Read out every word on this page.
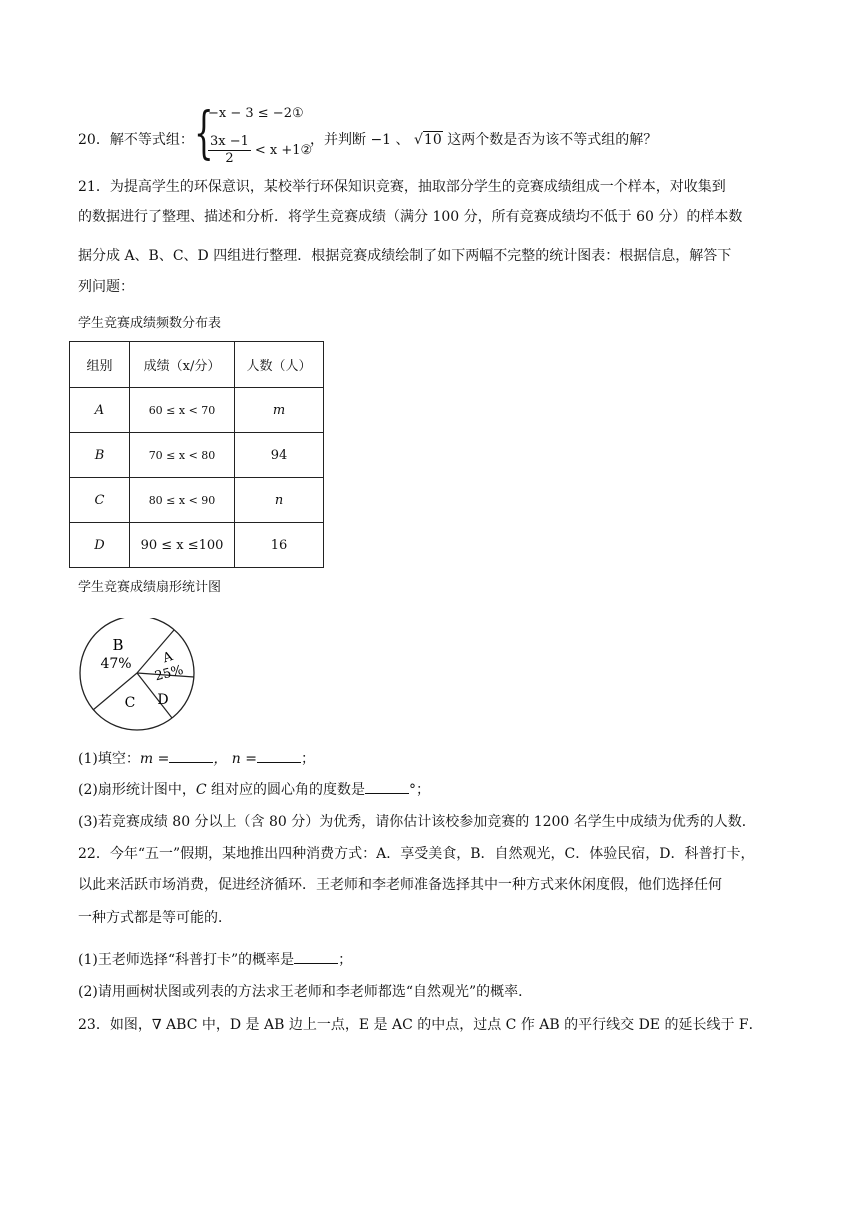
20．解不等式组： {
−x − 3 ≤ −2①
$\frac{3x -1}{2} < x$ +1②
，并判断 −1 、 √10 这两个数是否为该不等式组的解？
21．为提高学生的环保意识，某校举行环保知识竞赛，抽取部分学生的竞赛成绩组成一个样本，对收集到
的数据进行了整理、描述和分析．将学生竞赛成绩（满分 100 分，所有竞赛成绩均不低于 60 分）的样本数
据分成 A、B、C、D 四组进行整理．根据竞赛成绩绘制了如下两幅不完整的统计图表：根据信息，解答下
列问题：
学生竞赛成绩频数分布表
组别	成绩（x/分）	人数（人）
A	60 ≤ x < 70	m
B	70 ≤ x < 80	94
C	80 ≤ x < 90	n
D	90 ≤ x ≤100	16
学生竞赛成绩扇形统计图
B
47% A
25%
C D
(1)填空：m =	， n =	；
(2)扇形统计图中，C 组对应的圆心角的度数是	°；
(3)若竞赛成绩 80 分以上（含 80 分）为优秀，请你估计该校参加竞赛的 1200 名学生中成绩为优秀的人数．
22．今年“五一”假期，某地推出四种消费方式：A．享受美食，B．自然观光，C．体验民宿，D．科普打卡，
以此来活跃市场消费，促进经济循环．王老师和李老师准备选择其中一种方式来休闲度假，他们选择任何
一种方式都是等可能的．
(1)王老师选择“科普打卡”的概率是	；
(2)请用画树状图或列表的方法求王老师和李老师都选“自然观光”的概率．
23．如图，∇ ABC 中，D 是 AB 边上一点，E 是 AC 的中点，过点 C 作 AB 的平行线交 DE 的延长线于 F．
